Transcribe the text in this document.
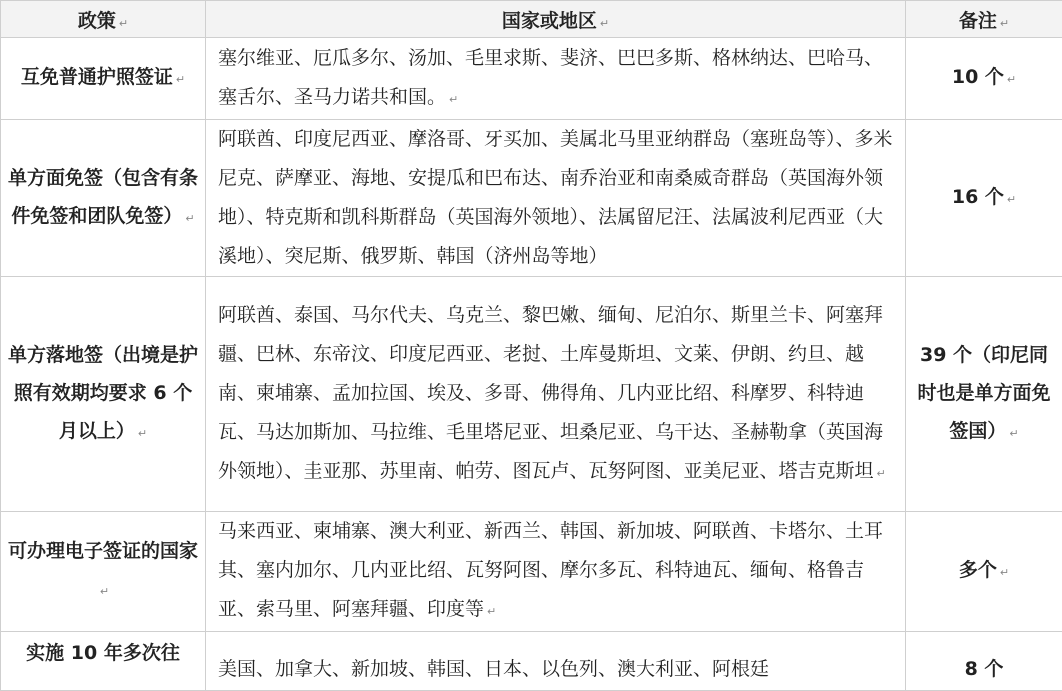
政策 ↵	国家或地区 ↵	备注 ↵
互免普通护照签证 ↵	塞尔维亚、厄瓜多尔、汤加、毛里求斯、斐济、巴巴多斯、格林纳达、巴哈马、塞舌尔、圣马力诺共和国。 ↵	10 个 ↵
单方面免签（包含有条件免签和团队免签） ↵	阿联酋、印度尼西亚、摩洛哥、牙买加、美属北马里亚纳群岛（塞班岛等）、多米尼克、萨摩亚、海地、安提瓜和巴布达、南乔治亚和南桑威奇群岛（英国海外领地）、特克斯和凯科斯群岛（英国海外领地）、法属留尼汪、法属波利尼西亚（大溪地）、突尼斯、俄罗斯、韩国（济州岛等地）	16 个 ↵
单方落地签（出境是护照有效期均要求 6 个月以上） ↵	阿联酋、泰国、马尔代夫、乌克兰、黎巴嫩、缅甸、尼泊尔、斯里兰卡、阿塞拜疆、巴林、东帝汶、印度尼西亚、老挝、土库曼斯坦、文莱、伊朗、约旦、越南、柬埔寨、孟加拉国、埃及、多哥、佛得角、几内亚比绍、科摩罗、科特迪瓦、马达加斯加、马拉维、毛里塔尼亚、坦桑尼亚、乌干达、圣赫勒拿（英国海外领地）、圭亚那、苏里南、帕劳、图瓦卢、瓦努阿图、亚美尼亚、塔吉克斯坦 ↵	39 个（印尼同时也是单方面免签国） ↵
可办理电子签证的国家↵	马来西亚、柬埔寨、澳大利亚、新西兰、韩国、新加坡、阿联酋、卡塔尔、土耳其、塞内加尔、几内亚比绍、瓦努阿图、摩尔多瓦、科特迪瓦、缅甸、格鲁吉亚、索马里、阿塞拜疆、印度等 ↵	多个 ↵
实施 10 年多次往	美国、加拿大、新加坡、韩国、日本、以色列、澳大利亚、阿根廷	8 个
